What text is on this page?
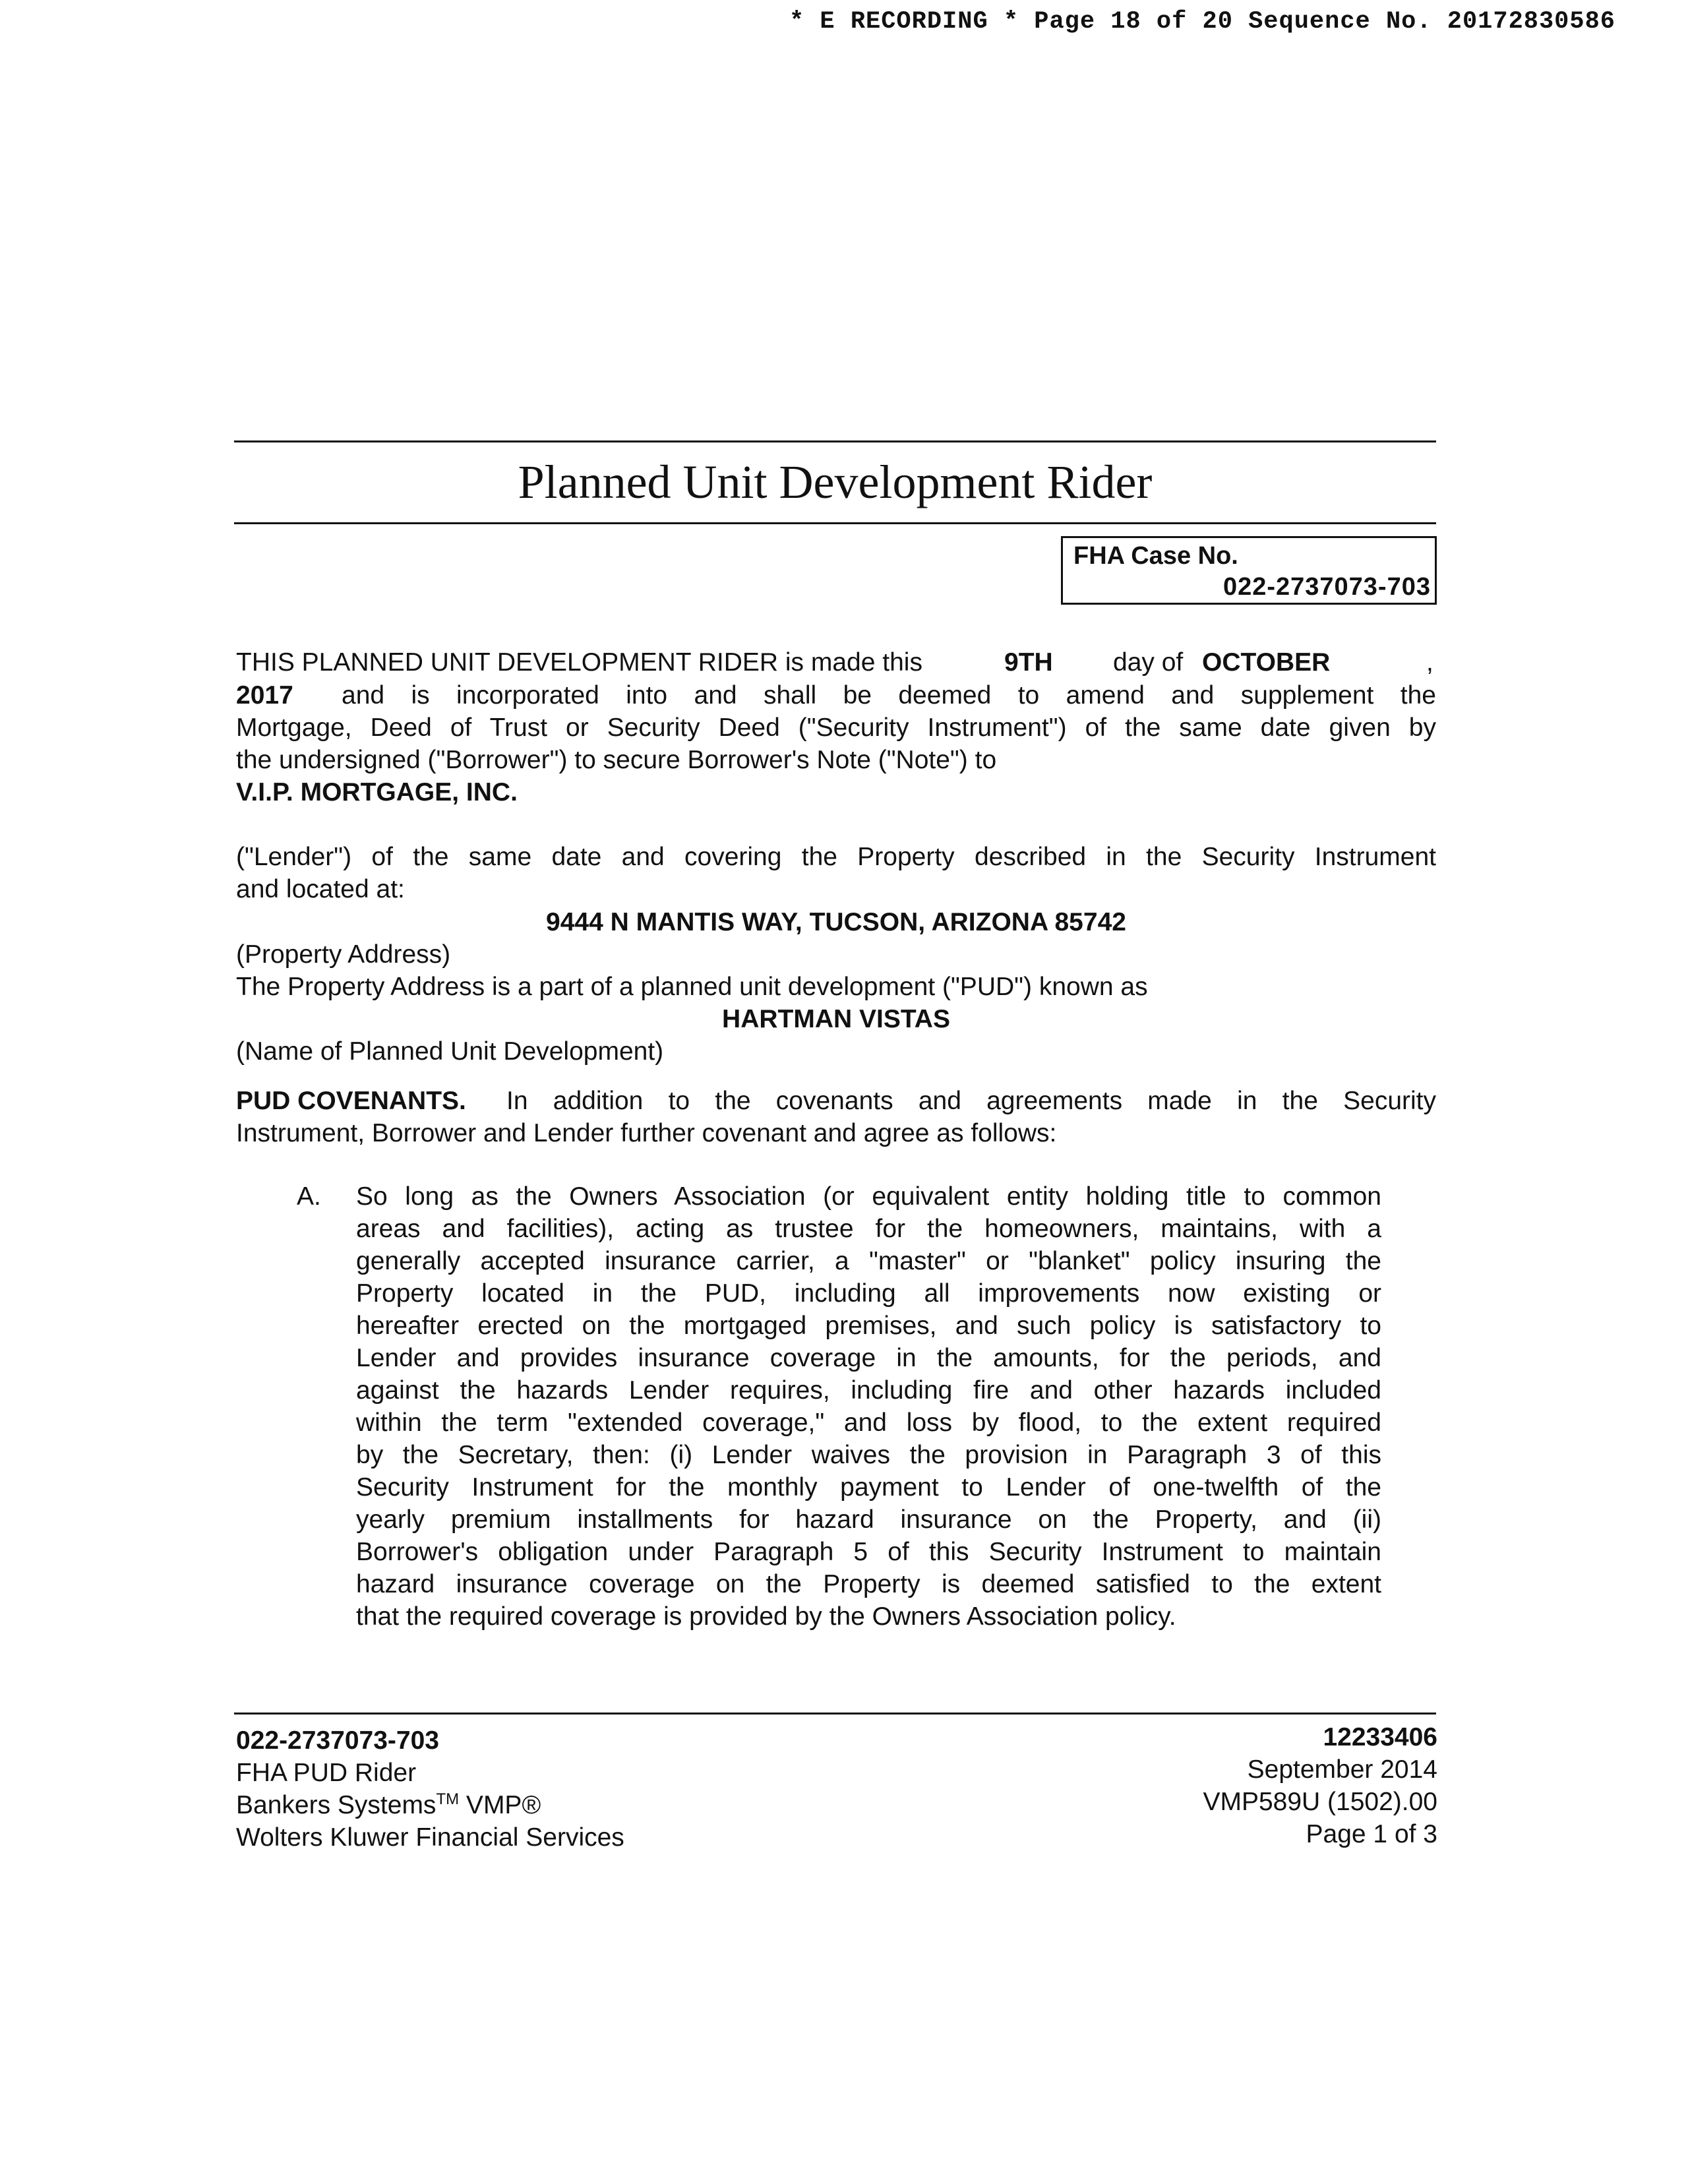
* E RECORDING * Page 18 of 20 Sequence No. 20172830586
Planned Unit Development Rider
FHA Case No.
022-2737073-703
THIS PLANNED UNIT DEVELOPMENT RIDER is made this	9TH day of OCTOBER	,
2017 and is incorporated into and shall be deemed to amend and supplement the
Mortgage, Deed of Trust or Security Deed ("Security Instrument") of the same date given by
the undersigned ("Borrower") to secure Borrower's Note ("Note") to
V.I.P. MORTGAGE, INC.
("Lender") of the same date and covering the Property described in the Security Instrument
and located at:
9444 N MANTIS WAY, TUCSON, ARIZONA 85742
(Property Address)
The Property Address is a part of a planned unit development ("PUD") known as
HARTMAN VISTAS
(Name of Planned Unit Development)
PUD COVENANTS. In addition to the covenants and agreements made in the Security
Instrument, Borrower and Lender further covenant and agree as follows:
A. So long as the Owners Association (or equivalent entity holding title to common
areas and facilities), acting as trustee for the homeowners, maintains, with a
generally accepted insurance carrier, a "master" or "blanket" policy insuring the
Property located in the PUD, including all improvements now existing or
hereafter erected on the mortgaged premises, and such policy is satisfactory to
Lender and provides insurance coverage in the amounts, for the periods, and
against the hazards Lender requires, including fire and other hazards included
within the term "extended coverage," and loss by flood, to the extent required
by the Secretary, then: (i) Lender waives the provision in Paragraph 3 of this
Security Instrument for the monthly payment to Lender of one-twelfth of the
yearly premium installments for hazard insurance on the Property, and (ii)
Borrower's obligation under Paragraph 5 of this Security Instrument to maintain
hazard insurance coverage on the Property is deemed satisfied to the extent
that the required coverage is provided by the Owners Association policy.
022-2737073-703
FHA PUD Rider
Bankers Systems™ VMP®
Wolters Kluwer Financial Services
12233406
September 2014
VMP589U (1502).00
Page 1 of 3
